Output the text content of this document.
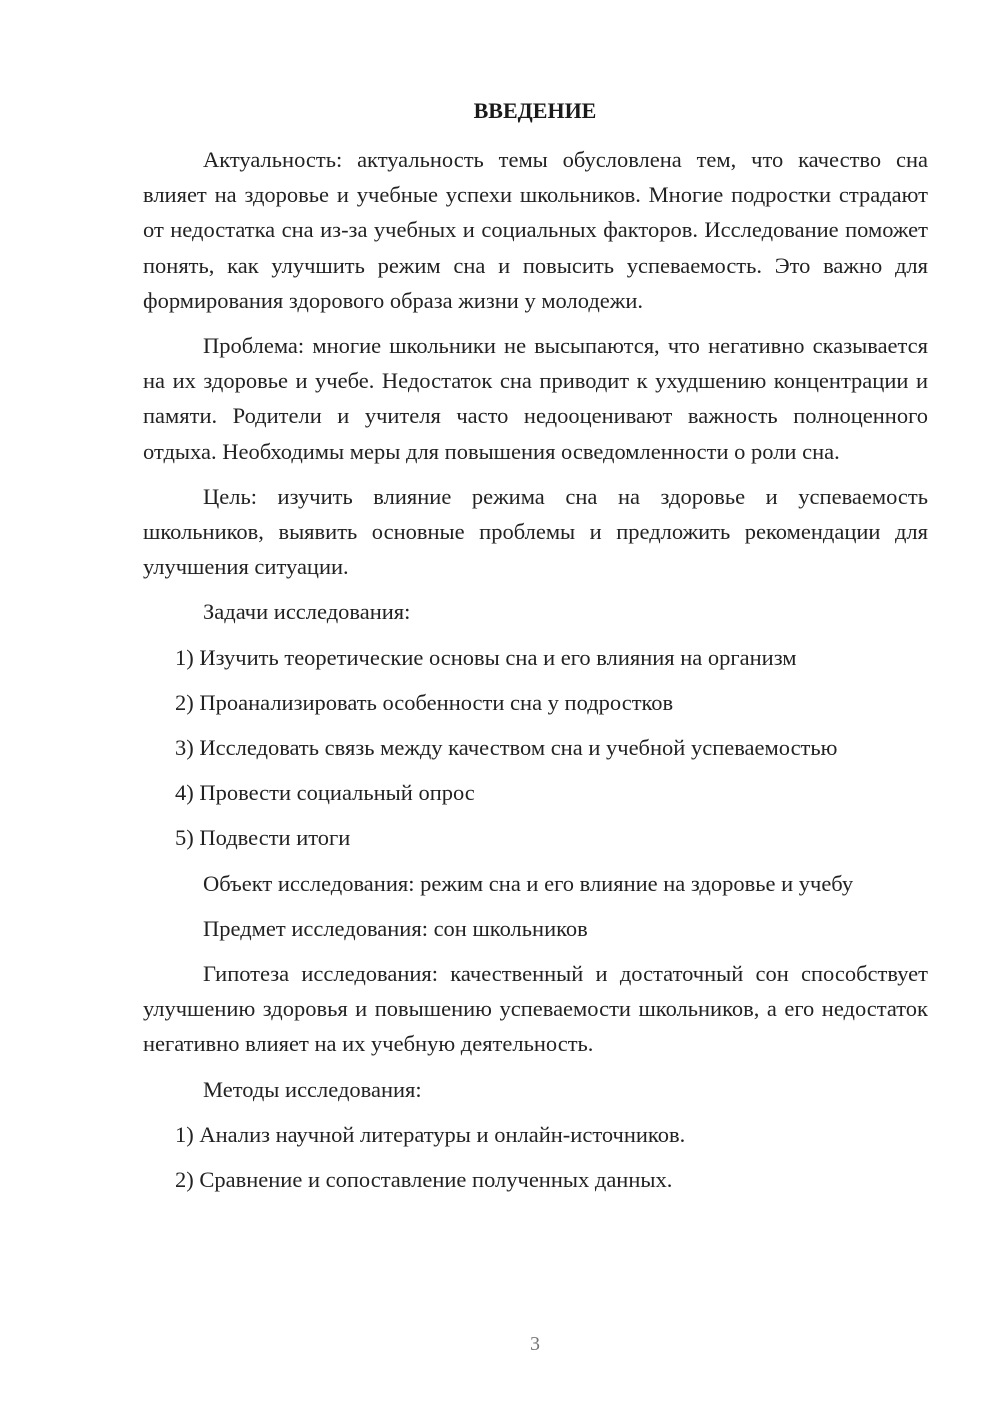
ВВЕДЕНИЕ

Актуальность: актуальность темы обусловлена тем, что качество сна влияет на здоровье и учебные успехи школьников. Многие подростки страдают от недостатка сна из-за учебных и социальных факторов. Исследование поможет понять, как улучшить режим сна и повысить успеваемость. Это важно для формирования здорового образа жизни у молодежи.

Проблема: многие школьники не высыпаются, что негативно сказывается на их здоровье и учебе. Недостаток сна приводит к ухудшению концентрации и памяти. Родители и учителя часто недооценивают важность полноценного отдыха. Необходимы меры для повышения осведомленности о роли сна.

Цель: изучить влияние режима сна на здоровье и успеваемость школьников, выявить основные проблемы и предложить рекомендации для улучшения ситуации.

Задачи исследования:

1) Изучить теоретические основы сна и его влияния на организм

2) Проанализировать особенности сна у подростков

3) Исследовать связь между качеством сна и учебной успеваемостью

4) Провести социальный опрос

5) Подвести итоги

Объект исследования: режим сна и его влияние на здоровье и учебу

Предмет исследования: сон школьников

Гипотеза исследования: качественный и достаточный сон способствует улучшению здоровья и повышению успеваемости школьников, а его недостаток негативно влияет на их учебную деятельность.

Методы исследования:

1) Анализ научной литературы и онлайн-источников.

2) Сравнение и сопоставление полученных данных.

3
